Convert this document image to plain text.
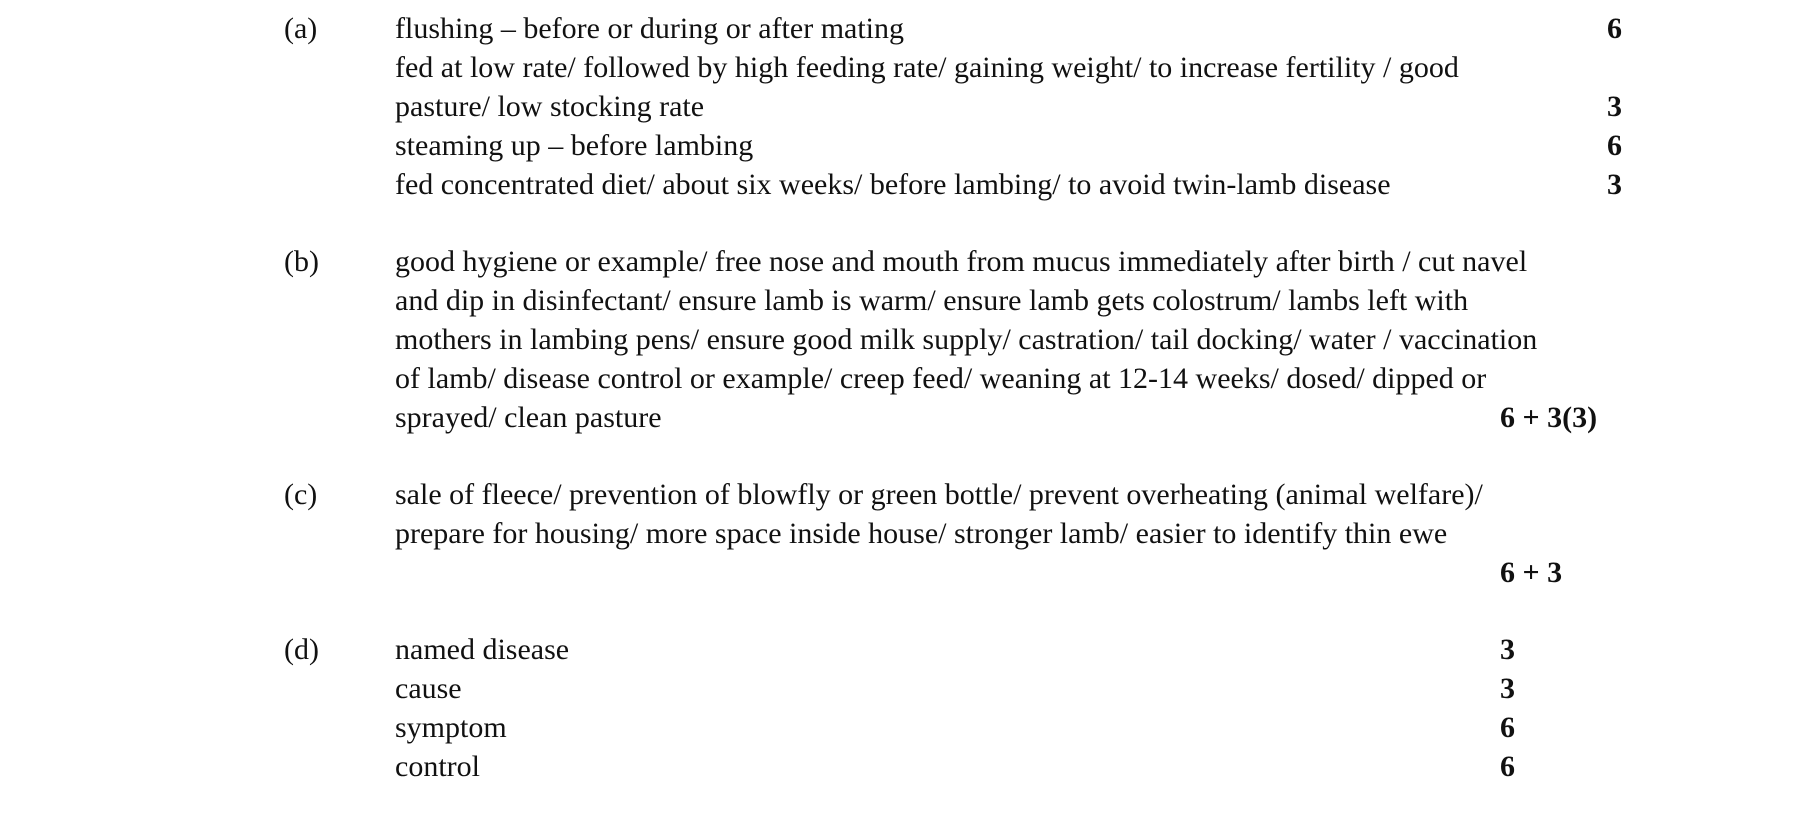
(a)	flushing – before or during or after mating	6
fed at low rate/ followed by high feeding rate/ gaining weight/ to increase fertility / good
pasture/ low stocking rate	3
steaming up – before lambing	6
fed concentrated diet/ about six weeks/ before lambing/ to avoid twin-lamb disease	3
(b)	good hygiene or example/ free nose and mouth from mucus immediately after birth / cut navel
and dip in disinfectant/ ensure lamb is warm/ ensure lamb gets colostrum/ lambs left with
mothers in lambing pens/ ensure good milk supply/ castration/ tail docking/ water / vaccination
of lamb/ disease control or example/ creep feed/ weaning at 12-14 weeks/ dosed/ dipped or
sprayed/ clean pasture	6 + 3(3)
(c)	sale of fleece/ prevention of blowfly or green bottle/ prevent overheating (animal welfare)/
prepare for housing/ more space inside house/ stronger lamb/ easier to identify thin ewe
6 + 3
(d)	named disease	3
cause	3
symptom	6
control	6
